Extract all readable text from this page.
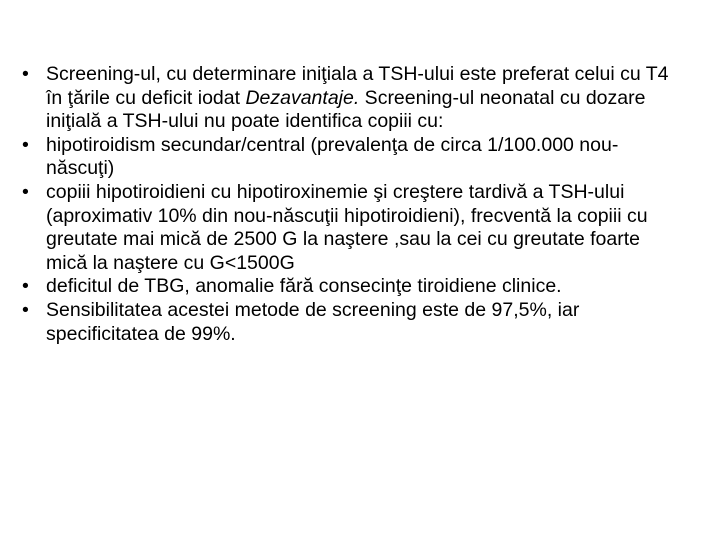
• Screening-ul, cu determinare iniţiala a TSH-ului este preferat celui cu T4 în ţările cu deficit iodat Dezavantaje. Screening-ul neonatal cu dozare iniţială a TSH-ului nu poate identifica copiii cu:
• hipotiroidism secundar/central (prevalenţa de circa 1/100.000 nou-născuţi)
• copiii hipotiroidieni cu hipotiroxinemie şi creştere tardivă a TSH-ului (aproximativ 10% din nou-născuţii hipotiroidieni), frecventă la copiii cu greutate mai mică de 2500 G la naştere ,sau la cei cu greutate foarte mică la naştere cu G<1500G
• deficitul de TBG, anomalie fără consecinţe tiroidiene clinice.
• Sensibilitatea acestei metode de screening este de 97,5%, iar specificitatea de 99%.
